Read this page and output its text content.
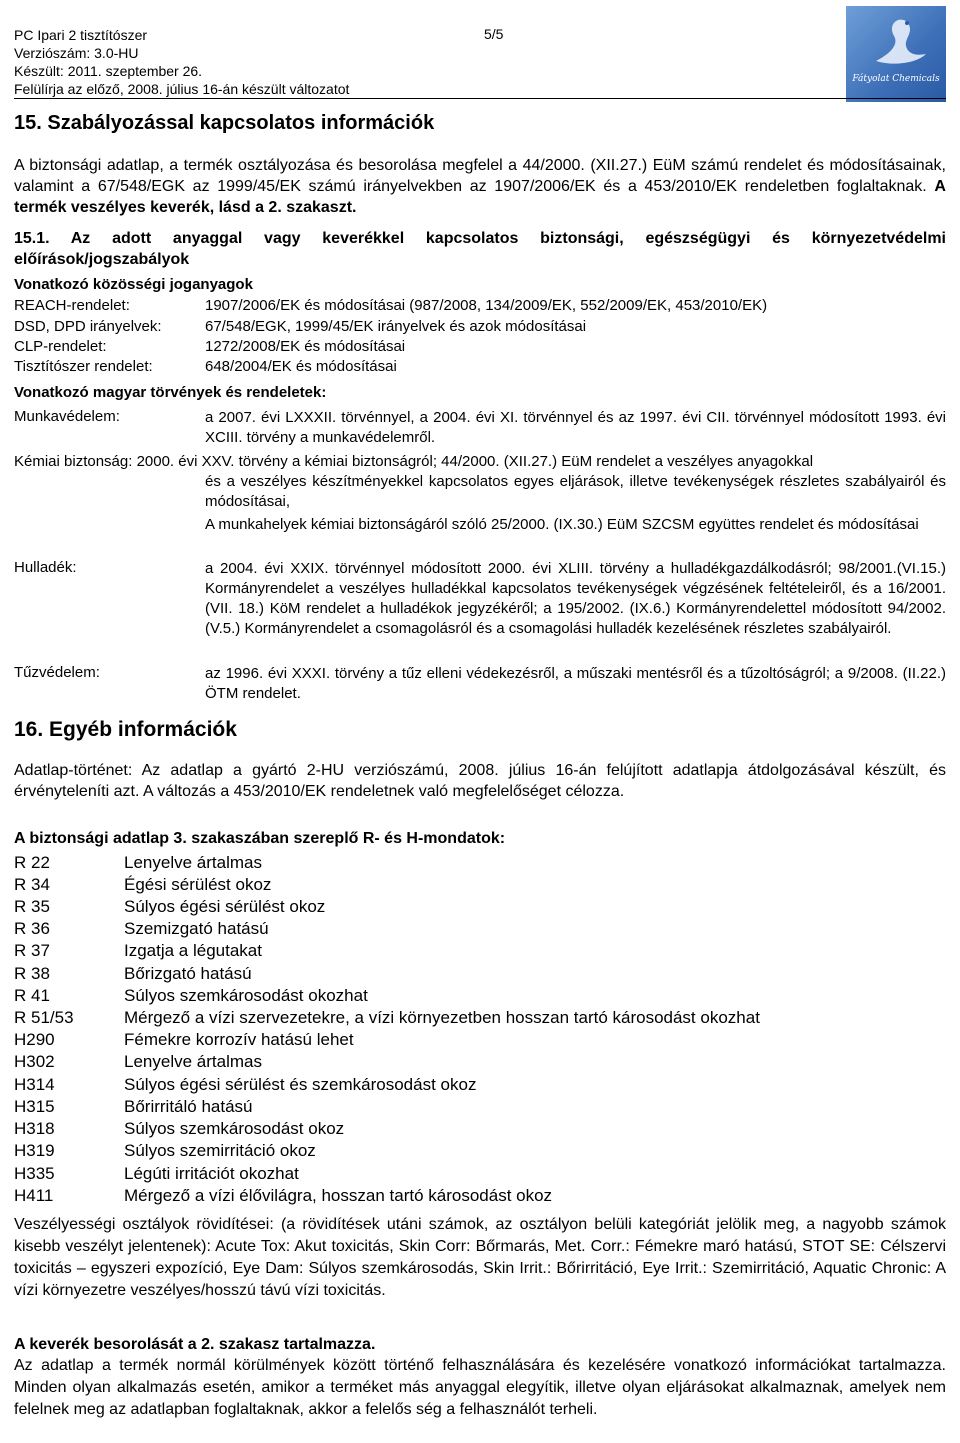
PC Ipari 2 tisztítószer	5/5
Verziószám: 3.0-HU
Készült: 2011. szeptember 26.
Felülírja az előző, 2008. július 16-án készült változatot
Fátyolat Chemicals
15. Szabályozással kapcsolatos információk
A biztonsági adatlap, a termék osztályozása és besorolása megfelel a 44/2000. (XII.27.) EüM számú rendelet és módosításainak, valamint a 67/548/EGK az 1999/45/EK számú irányelvekben az 1907/2006/EK és a 453/2010/EK rendeletben foglaltaknak. A termék veszélyes keverék, lásd a 2. szakaszt.
15.1. Az adott anyaggal vagy keverékkel kapcsolatos biztonsági, egészségügyi és környezetvédelmi előírások/jogszabályok
Vonatkozó közösségi joganyagok
REACH-rendelet:	1907/2006/EK és módosításai (987/2008, 134/2009/EK, 552/2009/EK, 453/2010/EK)
DSD, DPD irányelvek:	67/548/EGK, 1999/45/EK irányelvek és azok módosításai
CLP-rendelet:	1272/2008/EK és módosításai
Tisztítószer rendelet:	648/2004/EK és módosításai
Vonatkozó magyar törvények és rendeletek:
Munkavédelem:	a 2007. évi LXXXII. törvénnyel, a 2004. évi XI. törvénnyel és az 1997. évi CII. törvénnyel módosított 1993. évi XCIII. törvény a munkavédelemről.
Kémiai biztonság: 2000. évi XXV. törvény a kémiai biztonságról; 44/2000. (XII.27.) EüM rendelet a veszélyes anyagokkal
és a veszélyes készítményekkel kapcsolatos egyes eljárások, illetve tevékenységek részletes szabályairól és módosításai,
A munkahelyek kémiai biztonságáról szóló 25/2000. (IX.30.) EüM SZCSM együttes rendelet és módosításai
Hulladék:	a 2004. évi XXIX. törvénnyel módosított 2000. évi XLIII. törvény a hulladékgazdálkodásról; 98/2001.(VI.15.) Kormányrendelet a veszélyes hulladékkal kapcsolatos tevékenységek végzésének feltételeiről, és a 16/2001. (VII. 18.) KöM rendelet a hulladékok jegyzékéről; a 195/2002. (IX.6.) Kormányrendelettel módosított 94/2002. (V.5.) Kormányrendelet a csomagolásról és a csomagolási hulladék kezelésének részletes szabályairól.
Tűzvédelem:	az 1996. évi XXXI. törvény a tűz elleni védekezésről, a műszaki mentésről és a tűzoltóságról; a 9/2008. (II.22.) ÖTM rendelet.
16. Egyéb információk
Adatlap-történet: Az adatlap a gyártó 2-HU verziószámú, 2008. július 16-án felújított adatlapja átdolgozásával készült, és érvényteleníti azt. A változás a 453/2010/EK rendeletnek való megfelelőséget célozza.
A biztonsági adatlap 3. szakaszában szereplő R- és H-mondatok:
R 22	Lenyelve ártalmas
R 34	Égési sérülést okoz
R 35	Súlyos égési sérülést okoz
R 36	Szemizgató hatású
R 37	Izgatja a légutakat
R 38	Bőrizgató hatású
R 41	Súlyos szemkárosodást okozhat
R 51/53	Mérgező a vízi szervezetekre, a vízi környezetben hosszan tartó károsodást okozhat
H290	Fémekre korrozív hatású lehet
H302	Lenyelve ártalmas
H314	Súlyos égési sérülést és szemkárosodást okoz
H315	Bőrirritáló hatású
H318	Súlyos szemkárosodást okoz
H319	Súlyos szemirritáció okoz
H335	Légúti irritációt okozhat
H411	Mérgező a vízi élővilágra, hosszan tartó károsodást okoz
Veszélyességi osztályok rövidítései: (a rövidítések utáni számok, az osztályon belüli kategóriát jelölik meg, a nagyobb számok kisebb veszélyt jelentenek): Acute Tox: Akut toxicitás, Skin Corr: Bőrmarás, Met. Corr.: Fémekre maró hatású, STOT SE: Célszervi toxicitás – egyszeri expozíció, Eye Dam: Súlyos szemkárosodás, Skin Irrit.: Bőrirritáció, Eye Irrit.: Szemirritáció, Aquatic Chronic: A vízi környezetre veszélyes/hosszú távú vízi toxicitás.
A keverék besorolását a 2. szakasz tartalmazza.
Az adatlap a termék normál körülmények között történő felhasználására és kezelésére vonatkozó információkat tartalmazza. Minden olyan alkalmazás esetén, amikor a terméket más anyaggal elegyítik, illetve olyan eljárásokat alkalmaznak, amelyek nem felelnek meg az adatlapban foglaltaknak, akkor a felelős ség a felhasználót terheli.
